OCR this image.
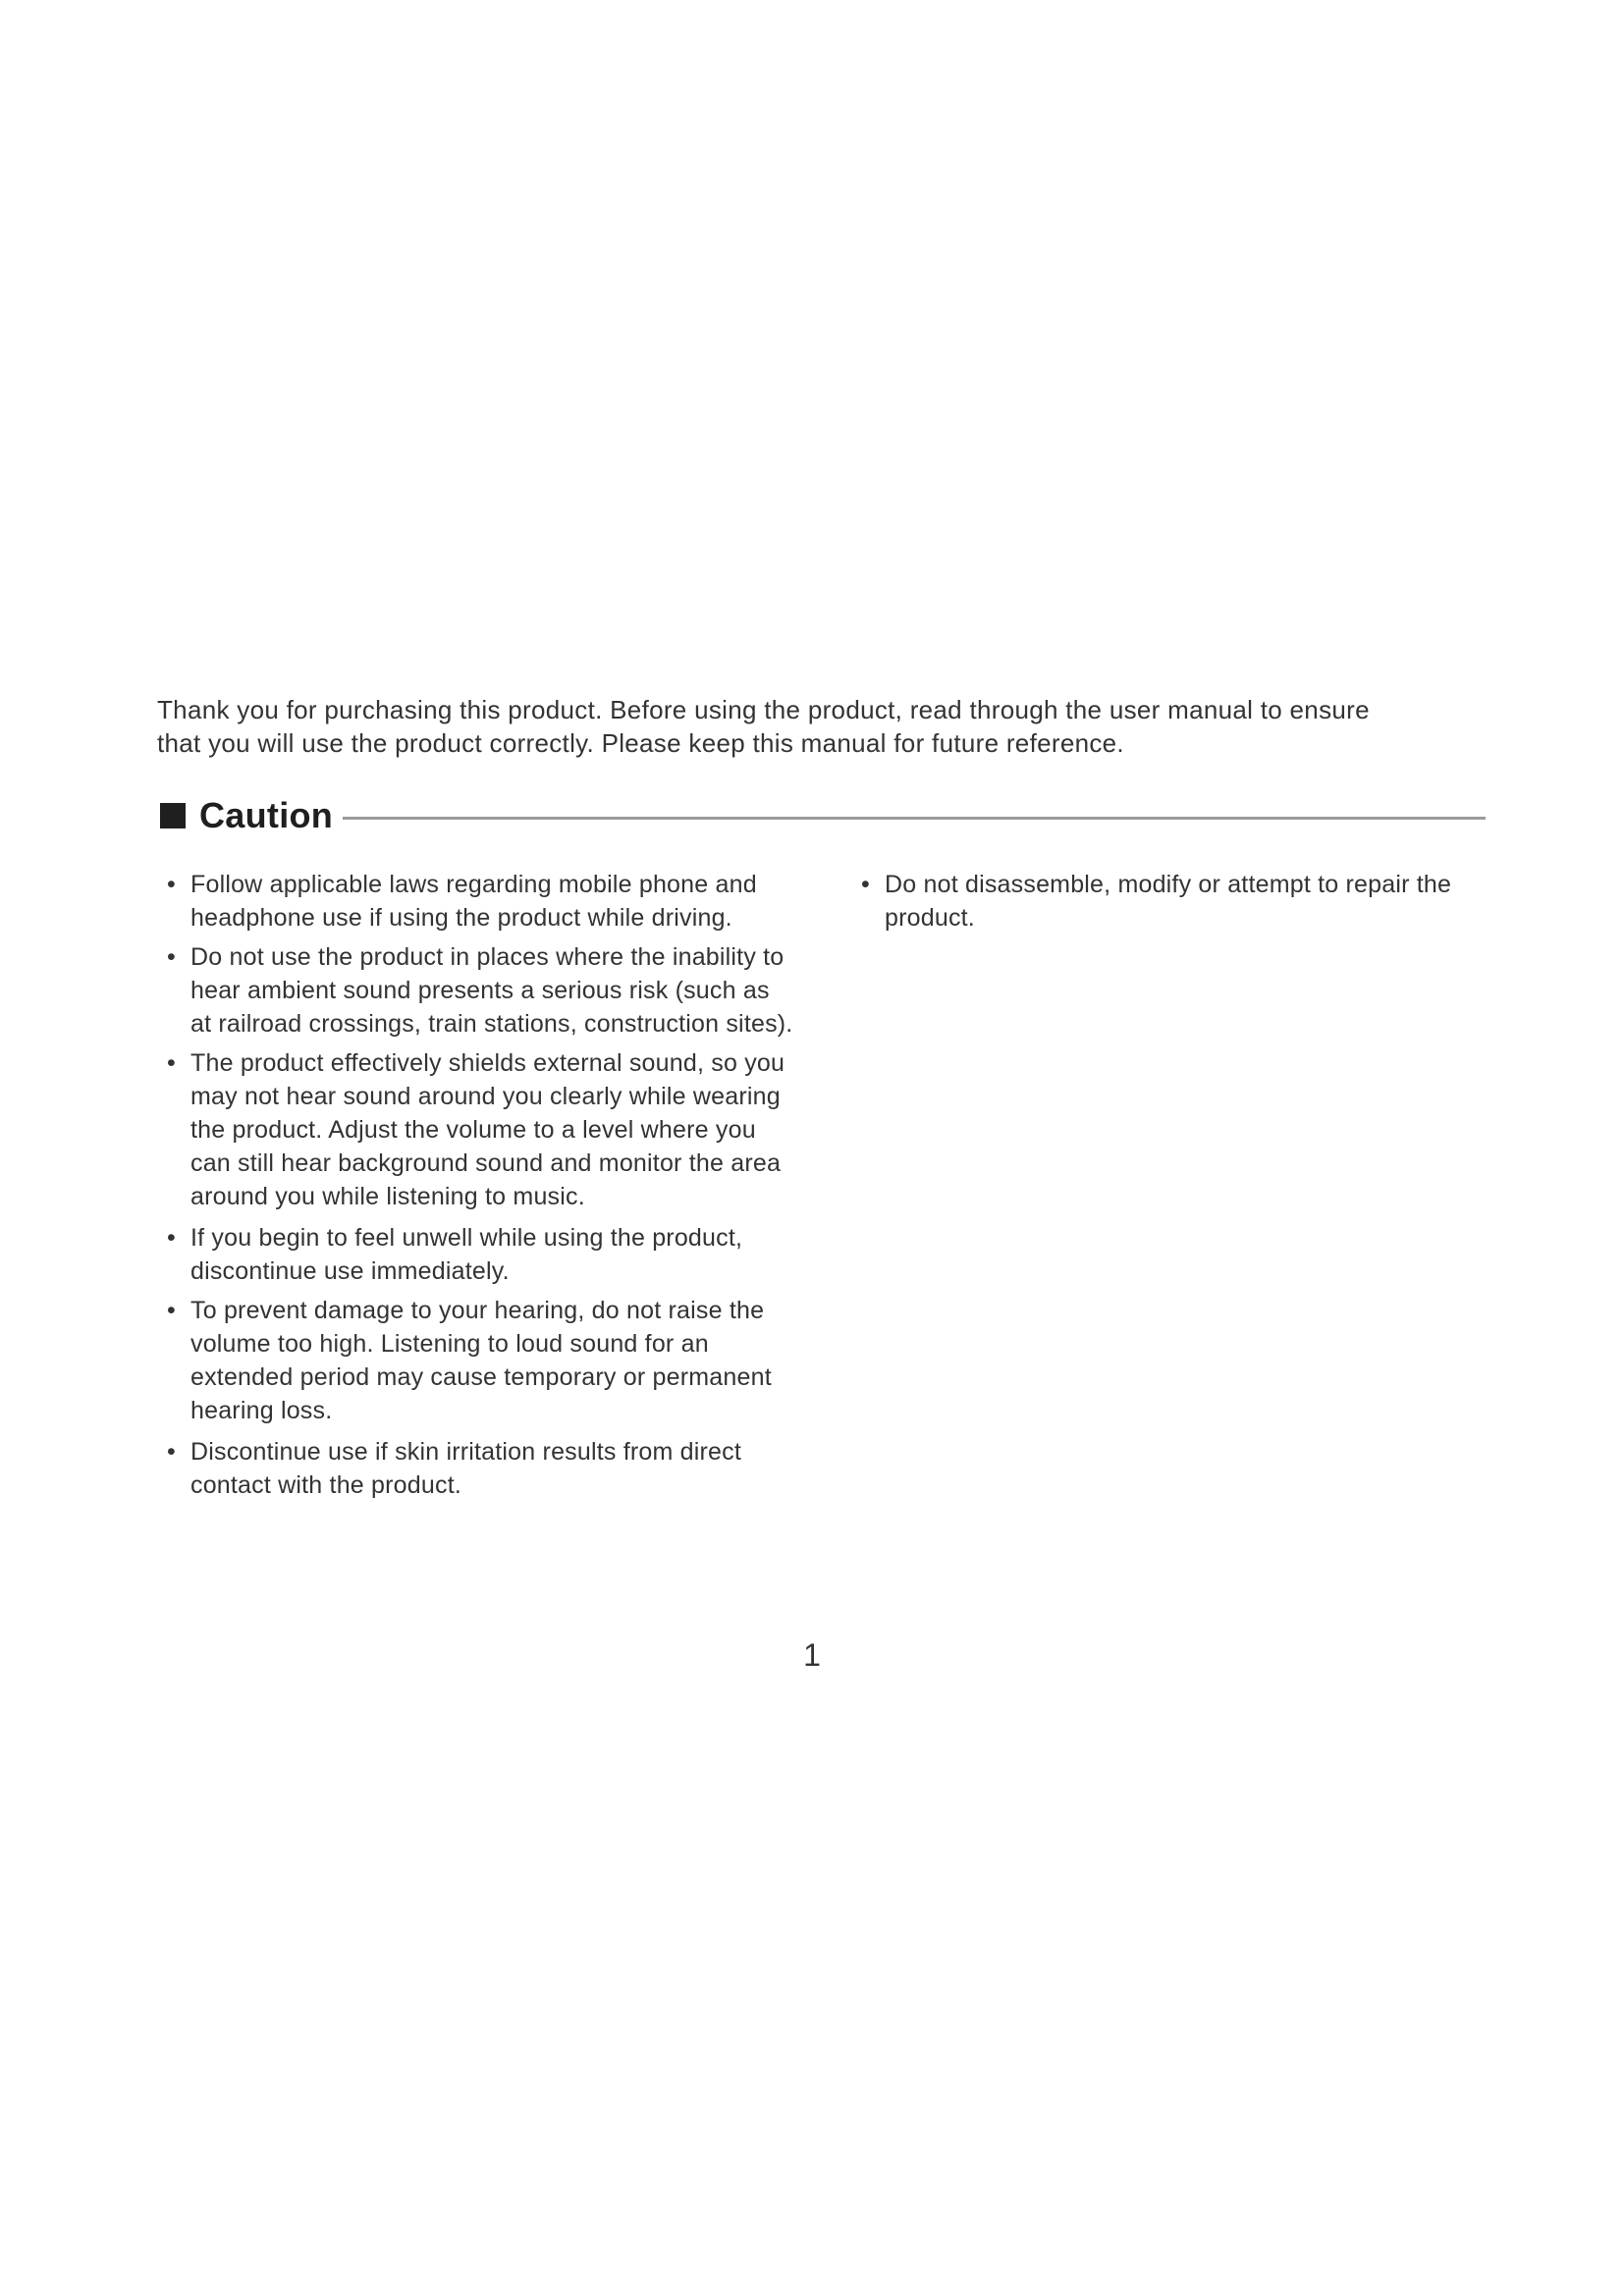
Thank you for purchasing this product. Before using the product, read through the user manual to ensure

that you will use the product correctly. Please keep this manual for future reference.

Caution
• Follow applicable laws regarding mobile phone and headphone use if using the product while driving.
• Do not use the product in places where the inability to hear ambient sound presents a serious risk (such as at railroad crossings, train stations, construction sites).
• The product effectively shields external sound, so you may not hear sound around you clearly while wearing the product. Adjust the volume to a level where you can still hear background sound and monitor the area around you while listening to music.
• If you begin to feel unwell while using the product, discontinue use immediately.
• To prevent damage to your hearing, do not raise the volume too high. Listening to loud sound for an extended period may cause temporary or permanent hearing loss.
• Discontinue use if skin irritation results from direct contact with the product.
• Do not disassemble, modify or attempt to repair the product.
1
